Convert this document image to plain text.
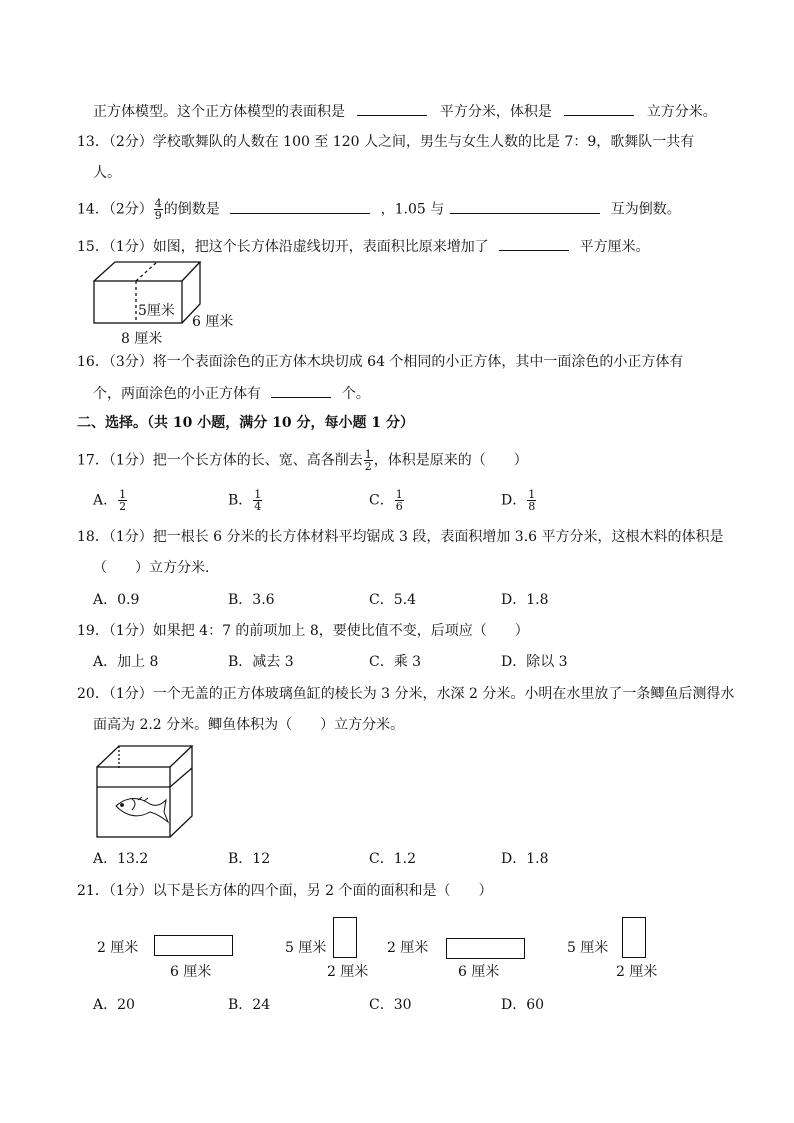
正方体模型。这个正方体模型的表面积是	平方分米，体积是	立方分米。
13．（2分）学校歌舞队的人数在 100 至 120 人之间，男生与女生人数的比是 7：9，歌舞队一共有
人。
14．（2分） $\frac{4}{9}$ 的倒数是	，1.05 与	互为倒数。
15．（1分）如图，把这个长方体沿虚线切开，表面积比原来增加了	平方厘米。
5厘米
6 厘米
8 厘米
16．（3分）将一个表面涂色的正方体木块切成 64 个相同的小正方体，其中一面涂色的小正方体有
个，两面涂色的小正方体有	个。
二、选择。（共 10 小题，满分 10 分，每小题 1 分）
17．（1分）把一个长方体的长、宽、高各削去 $\frac{1}{2}$ ，体积是原来的（　　）
A． $\frac{1}{2}$	B． $\frac{1}{4}$	C． $\frac{1}{6}$	D． $\frac{1}{8}$
18．（1分）把一根长 6 分米的长方体材料平均锯成 3 段，表面积增加 3.6 平方分米，这根木料的体积是
（　　）立方分米．
A．0.9	B．3.6	C．5.4	D．1.8
19．（1分）如果把 4：7 的前项加上 8，要使比值不变，后项应（　　）
A．加上 8	B．减去 3	C．乘 3	D．除以 3
20．（1分）一个无盖的正方体玻璃鱼缸的棱长为 3 分米，水深 2 分米。小明在水里放了一条鲫鱼后测得水
面高为 2.2 分米。鲫鱼体积为（　　）立方分米。
A．13.2	B．12	C．1.2	D．1.8
21．（1分）以下是长方体的四个面，另 2 个面的面积和是（　　）
2 厘米
6 厘米
5 厘米
2 厘米
2 厘米
6 厘米
5 厘米
2 厘米
A．20	B．24	C．30	D．60
